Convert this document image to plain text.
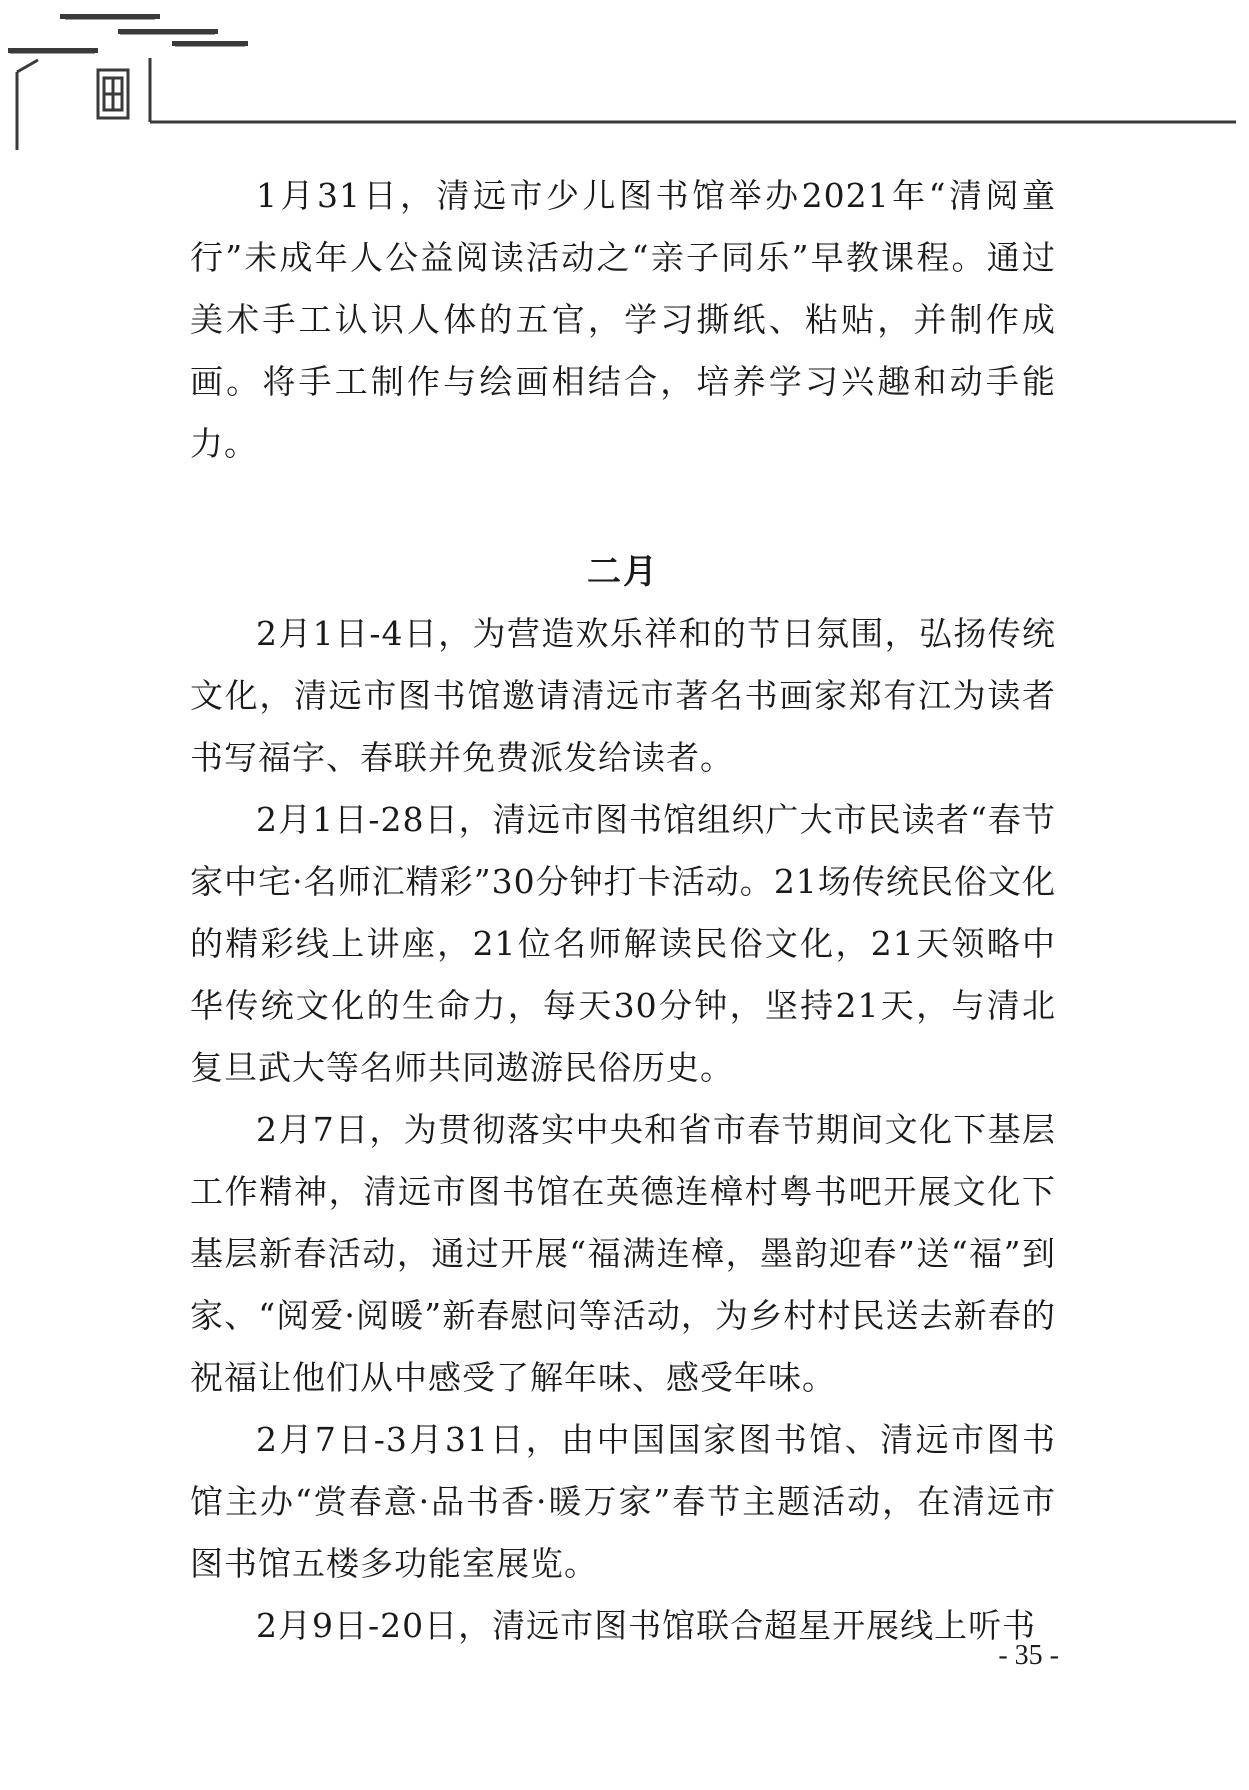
1月31日，清远市少儿图书馆举办2021年“清阅童行”未成年人公益阅读活动之“亲子同乐”早教课程。通过美术手工认识人体的五官，学习撕纸、粘贴，并制作成画。将手工制作与绘画相结合，培养学习兴趣和动手能力。

二月

2月1日-4日，为营造欢乐祥和的节日氛围，弘扬传统文化，清远市图书馆邀请清远市著名书画家郑有江为读者书写福字、春联并免费派发给读者。

2月1日-28日，清远市图书馆组织广大市民读者“春节家中宅·名师汇精彩”30分钟打卡活动。21场传统民俗文化的精彩线上讲座，21位名师解读民俗文化，21天领略中华传统文化的生命力，每天30分钟，坚持21天，与清北复旦武大等名师共同遨游民俗历史。

2月7日，为贯彻落实中央和省市春节期间文化下基层工作精神，清远市图书馆在英德连樟村粤书吧开展文化下基层新春活动，通过开展“福满连樟，墨韵迎春”送“福”到家、“阅爱·阅暖”新春慰问等活动，为乡村村民送去新春的祝福让他们从中感受了解年味、感受年味。

2月7日-3月31日，由中国国家图书馆、清远市图书馆主办“赏春意·品书香·暖万家”春节主题活动，在清远市图书馆五楼多功能室展览。

2月9日-20日，清远市图书馆联合超星开展线上听书

- 35 -
